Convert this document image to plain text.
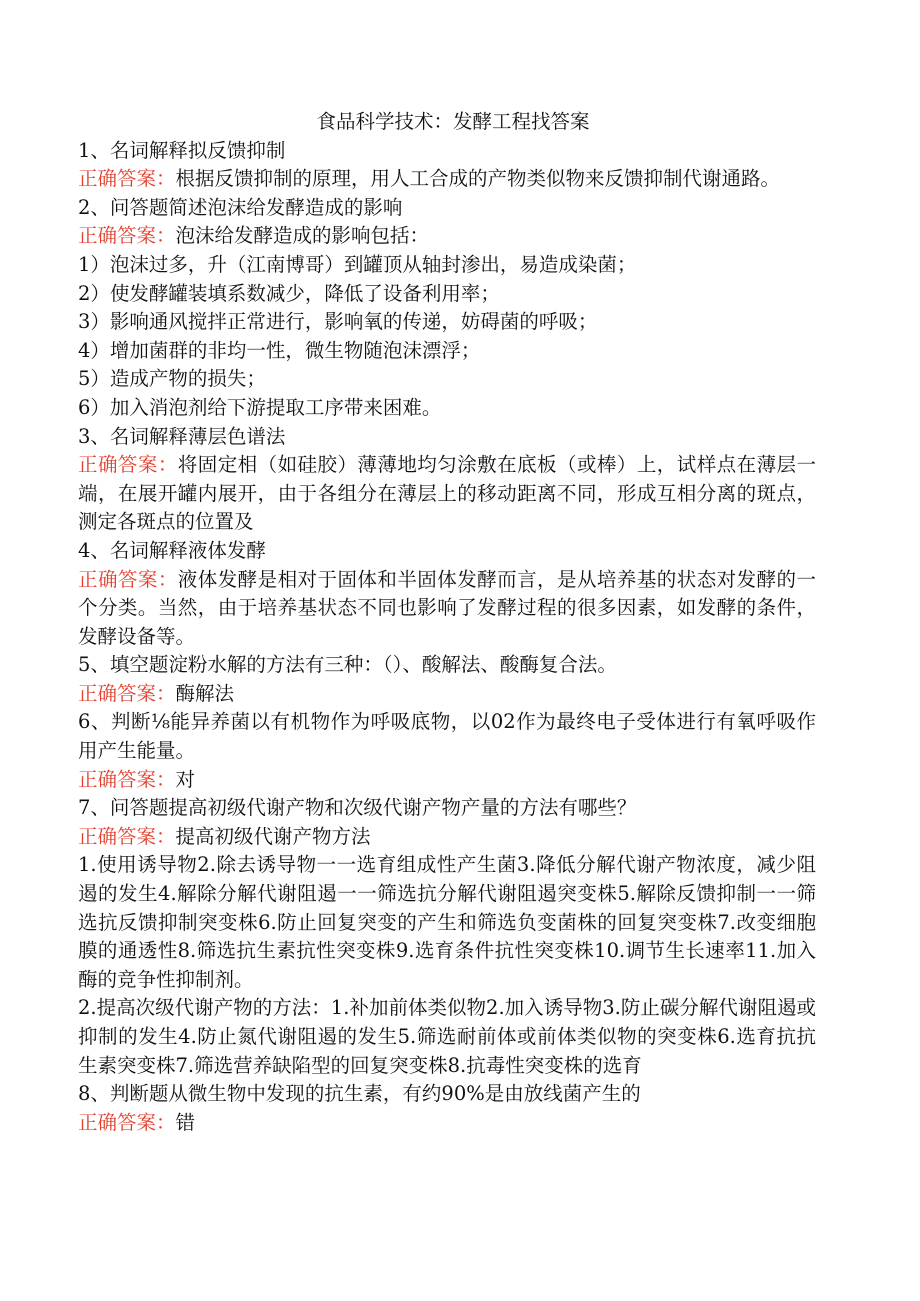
食品科学技术：发酵工程找答案

1、名词解释拟反馈抑制

正确答案：根据反馈抑制的原理，用人工合成的产物类似物来反馈抑制代谢通路。

2、问答题简述泡沫给发酵造成的影响

正确答案：泡沫给发酵造成的影响包括：

1）泡沫过多，升（江南博哥）到罐顶从轴封渗出，易造成染菌；

2）使发酵罐装填系数减少，降低了设备利用率；

3）影响通风搅拌正常进行，影响氧的传递，妨碍菌的呼吸；

4）增加菌群的非均一性，微生物随泡沫漂浮；

5）造成产物的损失；

6）加入消泡剂给下游提取工序带来困难。

3、名词解释薄层色谱法

正确答案：将固定相（如硅胶）薄薄地均匀涂敷在底板（或棒）上，试样点在薄层一端，在展开罐内展开，由于各组分在薄层上的移动距离不同，形成互相分离的斑点，测定各斑点的位置及

4、名词解释液体发酵

正确答案：液体发酵是相对于固体和半固体发酵而言，是从培养基的状态对发酵的一个分类。当然，由于培养基状态不同也影响了发酵过程的很多因素，如发酵的条件，发酵设备等。

5、填空题淀粉水解的方法有三种：（）、酸解法、酸酶复合法。

正确答案：酶解法

6、判断⅛能异养菌以有机物作为呼吸底物，以02作为最终电子受体进行有氧呼吸作用产生能量。

正确答案：对

7、问答题提高初级代谢产物和次级代谢产物产量的方法有哪些？

正确答案：提高初级代谢产物方法

1.使用诱导物2.除去诱导物一一选育组成性产生菌3.降低分解代谢产物浓度，减少阻遏的发生4.解除分解代谢阻遏一一筛选抗分解代谢阻遏突变株5.解除反馈抑制一一筛选抗反馈抑制突变株6.防止回复突变的产生和筛选负变菌株的回复突变株7.改变细胞膜的通透性8.筛选抗生素抗性突变株9.选育条件抗性突变株10.调节生长速率11.加入酶的竞争性抑制剂。

2.提高次级代谢产物的方法：1.补加前体类似物2.加入诱导物3.防止碳分解代谢阻遏或抑制的发生4.防止氮代谢阻遏的发生5.筛选耐前体或前体类似物的突变株6.选育抗抗生素突变株7.筛选营养缺陷型的回复突变株8.抗毒性突变株的选育

8、判断题从微生物中发现的抗生素，有约90%是由放线菌产生的

正确答案：错
